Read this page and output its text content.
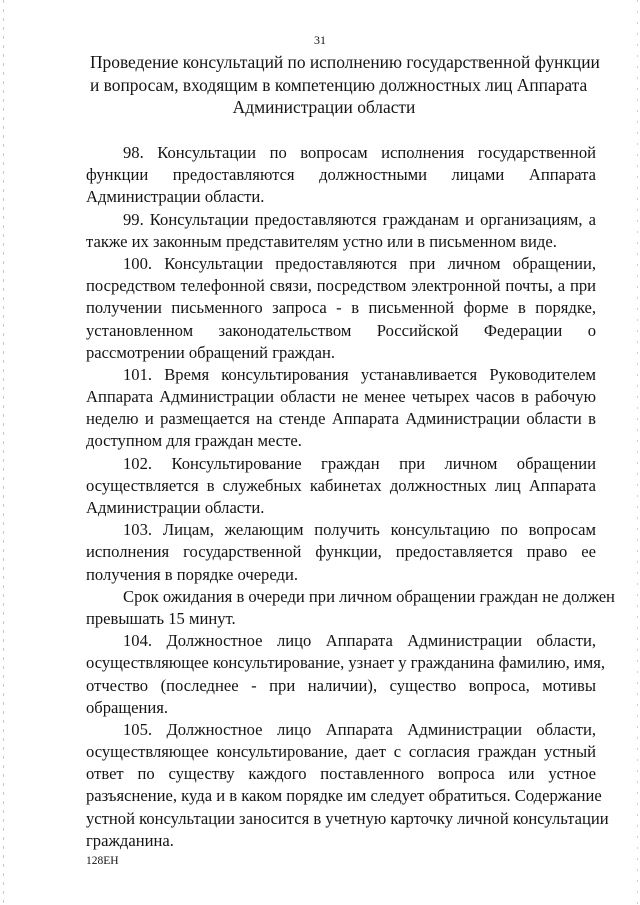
31
Проведение консультаций по исполнению государственной функции
и вопросам, входящим в компетенцию должностных лиц Аппарата
Администрации области
98. Консультации по вопросам исполнения государственной
функции предоставляются должностными лицами Аппарата
Администрации области.
99. Консультации предоставляются гражданам и организациям, а
также их законным представителям устно или в письменном виде.
100. Консультации предоставляются при личном обращении,
посредством телефонной связи, посредством электронной почты, а при
получении письменного запроса - в письменной форме в порядке,
установленном законодательством Российской Федерации о
рассмотрении обращений граждан.
101. Время консультирования устанавливается Руководителем
Аппарата Администрации области не менее четырех часов в рабочую
неделю и размещается на стенде Аппарата Администрации области в
доступном для граждан месте.
102. Консультирование граждан при личном обращении
осуществляется в служебных кабинетах должностных лиц Аппарата
Администрации области.
103. Лицам, желающим получить консультацию по вопросам
исполнения государственной функции, предоставляется право ее
получения в порядке очереди.
Срок ожидания в очереди при личном обращении граждан не должен
превышать 15 минут.
104. Должностное лицо Аппарата Администрации области,
осуществляющее консультирование, узнает у гражданина фамилию, имя,
отчество (последнее - при наличии), существо вопроса, мотивы
обращения.
105. Должностное лицо Аппарата Администрации области,
осуществляющее консультирование, дает с согласия граждан устный
ответ по существу каждого поставленного вопроса или устное
разъяснение, куда и в каком порядке им следует обратиться. Содержание
устной консультации заносится в учетную карточку личной консультации
гражданина.
128ЕН
